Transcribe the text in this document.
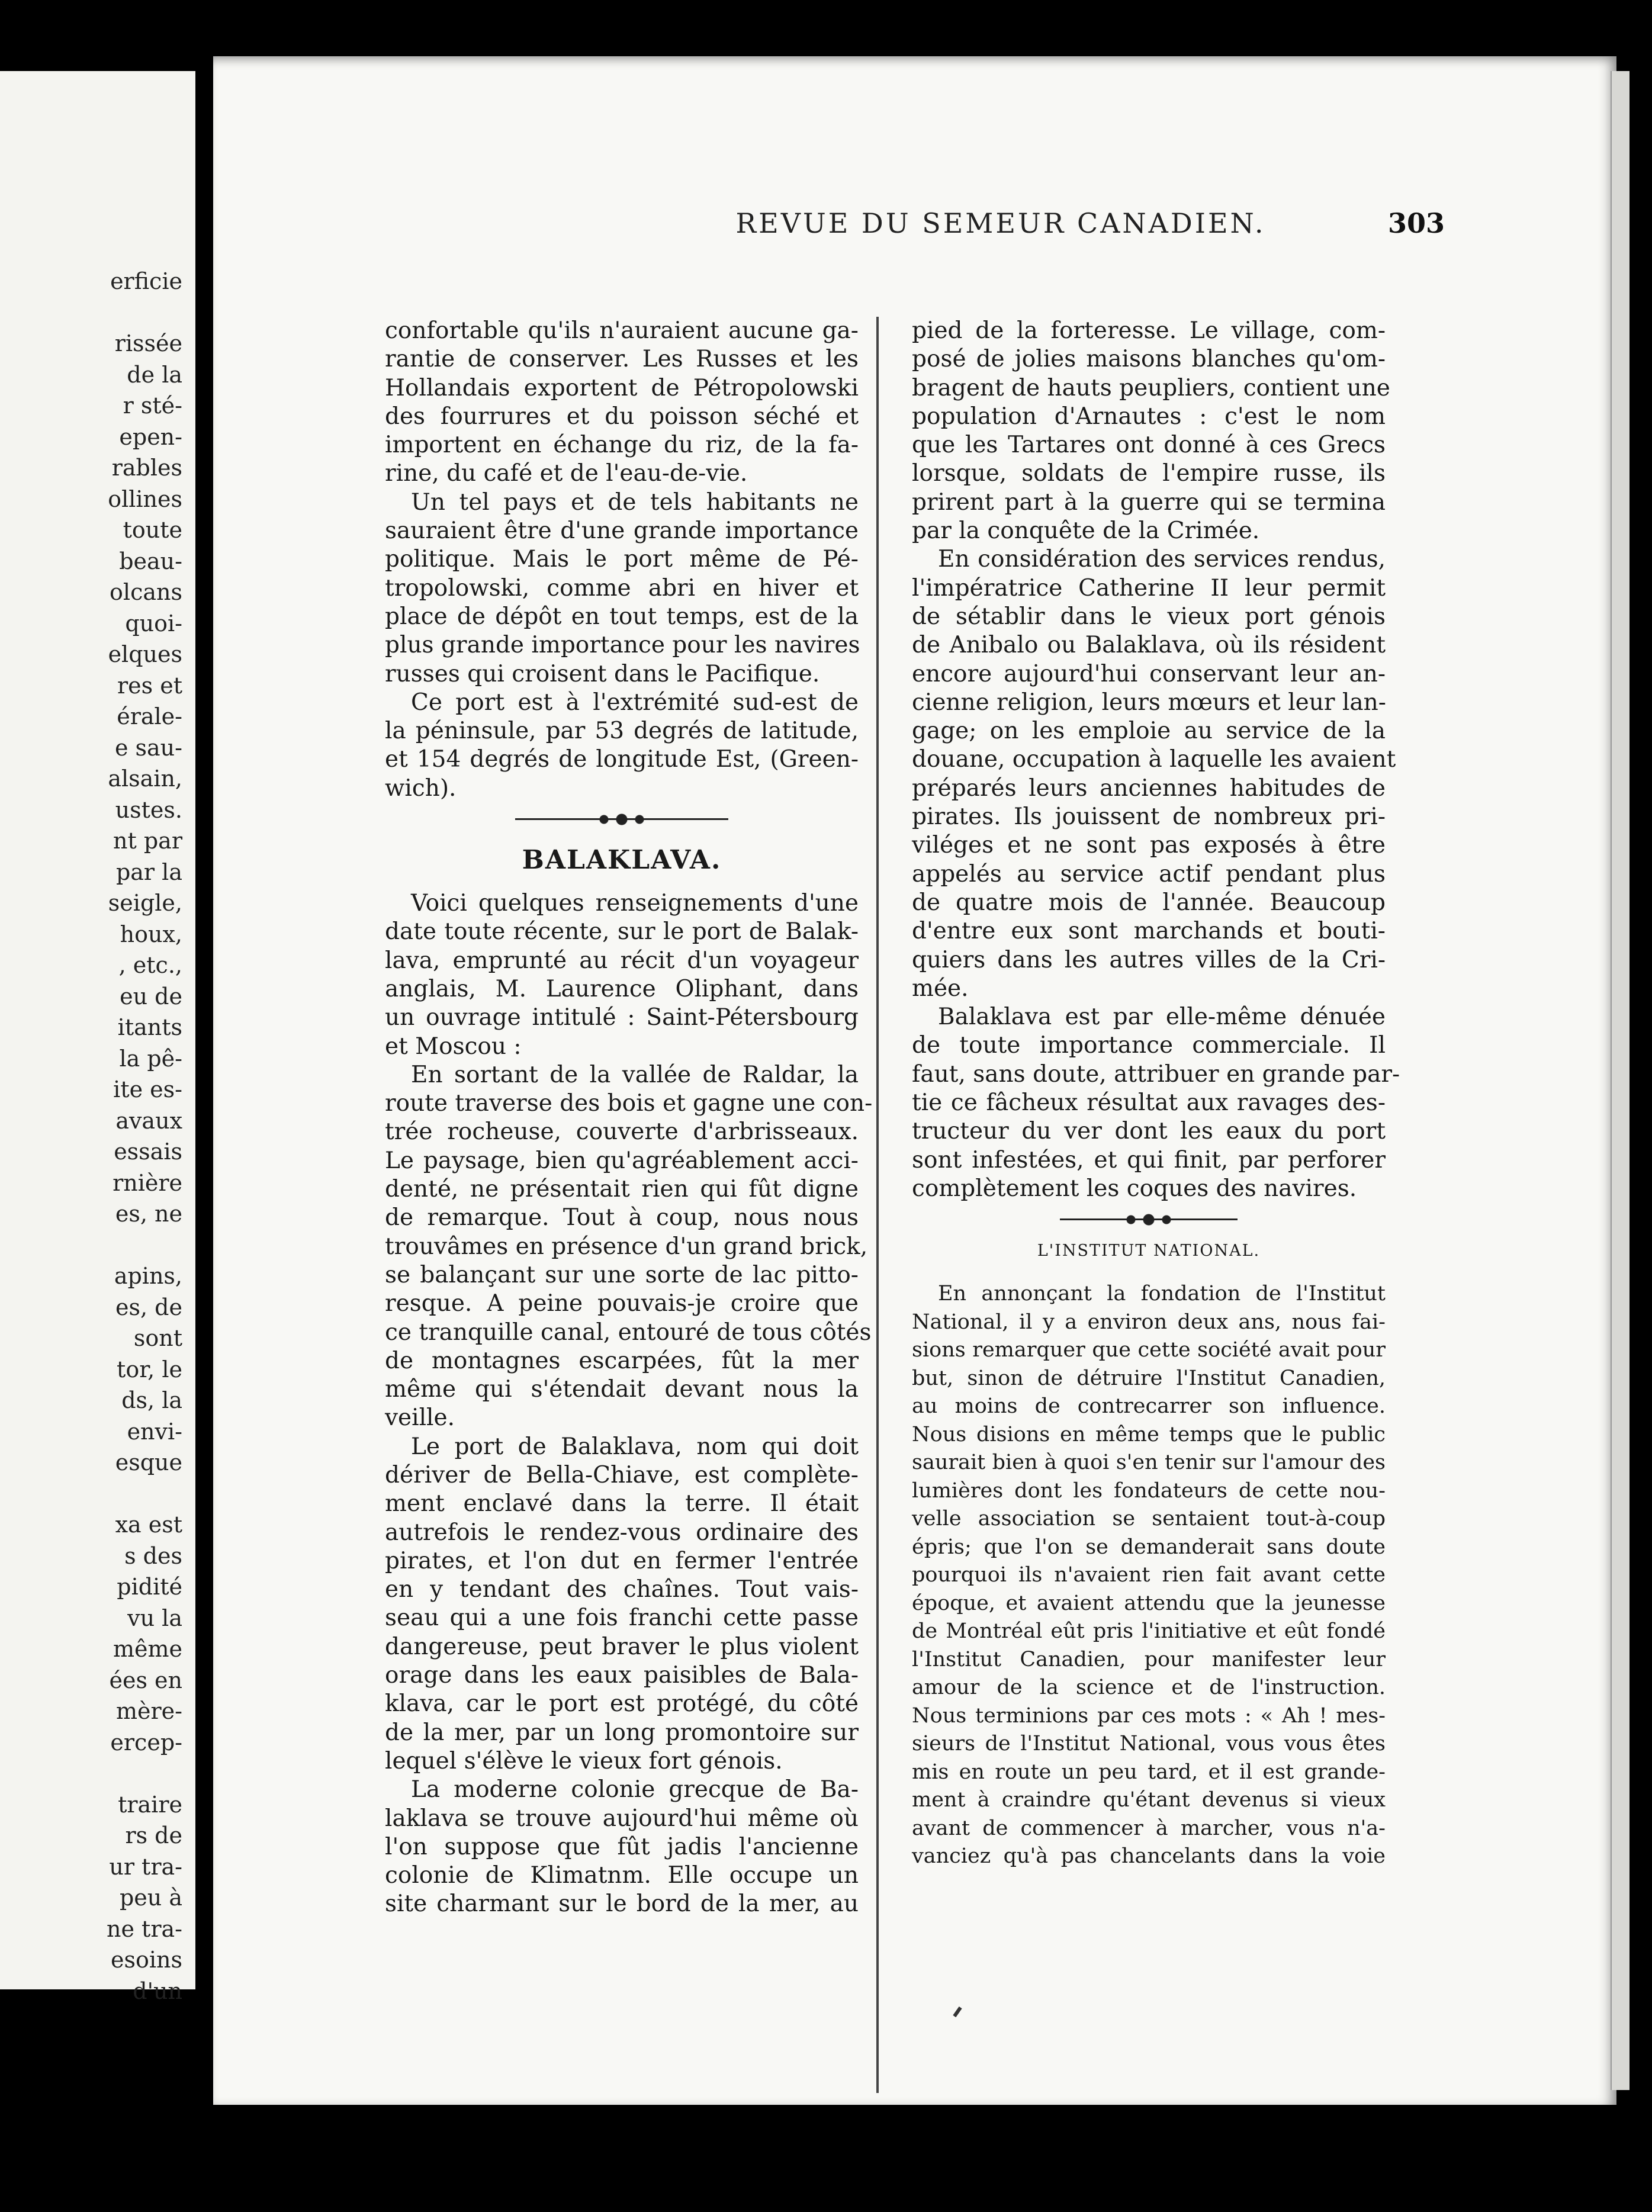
erficie
rissée
de la
r sté-
epen-
rables
ollines
toute
beau-
olcans
quoi-
elques
res et
érale-
e sau-
alsain,
ustes.
nt par
par la
seigle,
houx,
, etc.,
eu de
itants
la pê-
ite es-
avaux
essais
rnière
es, ne
apins,
es, de
sont
tor, le
ds, la
envi-
esque
xa est
s des
pidité
vu la
même
ées en
mère-
ercep-
traire
rs de
ur tra-
peu à
ne tra-
esoins
d'un
REVUE DU SEMEUR CANADIEN.	303
confortable qu'ils n'auraient aucune ga-
rantie de conserver. Les Russes et les
Hollandais exportent de Pétropolowski
des fourrures et du poisson séché et
importent en échange du riz, de la fa-
rine, du café et de l'eau-de-vie.
Un tel pays et de tels habitants ne
sauraient être d'une grande importance
politique. Mais le port même de Pé-
tropolowski, comme abri en hiver et
place de dépôt en tout temps, est de la
plus grande importance pour les navires
russes qui croisent dans le Pacifique.
Ce port est à l'extrémité sud-est de
la péninsule, par 53 degrés de latitude,
et 154 degrés de longitude Est, (Green-
wich).
BALAKLAVA.
Voici quelques renseignements d'une
date toute récente, sur le port de Balak-
lava, emprunté au récit d'un voyageur
anglais, M. Laurence Oliphant, dans
un ouvrage intitulé : Saint-Pétersbourg
et Moscou :
En sortant de la vallée de Raldar, la
route traverse des bois et gagne une con-
trée rocheuse, couverte d'arbrisseaux.
Le paysage, bien qu'agréablement acci-
denté, ne présentait rien qui fût digne
de remarque. Tout à coup, nous nous
trouvâmes en présence d'un grand brick,
se balançant sur une sorte de lac pitto-
resque. A peine pouvais-je croire que
ce tranquille canal, entouré de tous côtés
de montagnes escarpées, fût la mer
même qui s'étendait devant nous la
veille.
Le port de Balaklava, nom qui doit
dériver de Bella-Chiave, est complète-
ment enclavé dans la terre. Il était
autrefois le rendez-vous ordinaire des
pirates, et l'on dut en fermer l'entrée
en y tendant des chaînes. Tout vais-
seau qui a une fois franchi cette passe
dangereuse, peut braver le plus violent
orage dans les eaux paisibles de Bala-
klava, car le port est protégé, du côté
de la mer, par un long promontoire sur
lequel s'élève le vieux fort génois.
La moderne colonie grecque de Ba-
laklava se trouve aujourd'hui même où
l'on suppose que fût jadis l'ancienne
colonie de Klimatnm. Elle occupe un
site charmant sur le bord de la mer, au
pied de la forteresse. Le village, com-
posé de jolies maisons blanches qu'om-
bragent de hauts peupliers, contient une
population d'Arnautes : c'est le nom
que les Tartares ont donné à ces Grecs
lorsque, soldats de l'empire russe, ils
prirent part à la guerre qui se termina
par la conquête de la Crimée.
En considération des services rendus,
l'impératrice Catherine II leur permit
de sétablir dans le vieux port génois
de Anibalo ou Balaklava, où ils résident
encore aujourd'hui conservant leur an-
cienne religion, leurs mœurs et leur lan-
gage; on les emploie au service de la
douane, occupation à laquelle les avaient
préparés leurs anciennes habitudes de
pirates. Ils jouissent de nombreux pri-
viléges et ne sont pas exposés à être
appelés au service actif pendant plus
de quatre mois de l'année. Beaucoup
d'entre eux sont marchands et bouti-
quiers dans les autres villes de la Cri-
mée.
Balaklava est par elle-même dénuée
de toute importance commerciale. Il
faut, sans doute, attribuer en grande par-
tie ce fâcheux résultat aux ravages des-
tructeur du ver dont les eaux du port
sont infestées, et qui finit, par perforer
complètement les coques des navires.
L'INSTITUT NATIONAL.
En annonçant la fondation de l'Institut
National, il y a environ deux ans, nous fai-
sions remarquer que cette société avait pour
but, sinon de détruire l'Institut Canadien,
au moins de contrecarrer son influence.
Nous disions en même temps que le public
saurait bien à quoi s'en tenir sur l'amour des
lumières dont les fondateurs de cette nou-
velle association se sentaient tout-à-coup
épris; que l'on se demanderait sans doute
pourquoi ils n'avaient rien fait avant cette
époque, et avaient attendu que la jeunesse
de Montréal eût pris l'initiative et eût fondé
l'Institut Canadien, pour manifester leur
amour de la science et de l'instruction.
Nous terminions par ces mots : « Ah ! mes-
sieurs de l'Institut National, vous vous êtes
mis en route un peu tard, et il est grande-
ment à craindre qu'étant devenus si vieux
avant de commencer à marcher, vous n'a-
vanciez qu'à pas chancelants dans la voie
